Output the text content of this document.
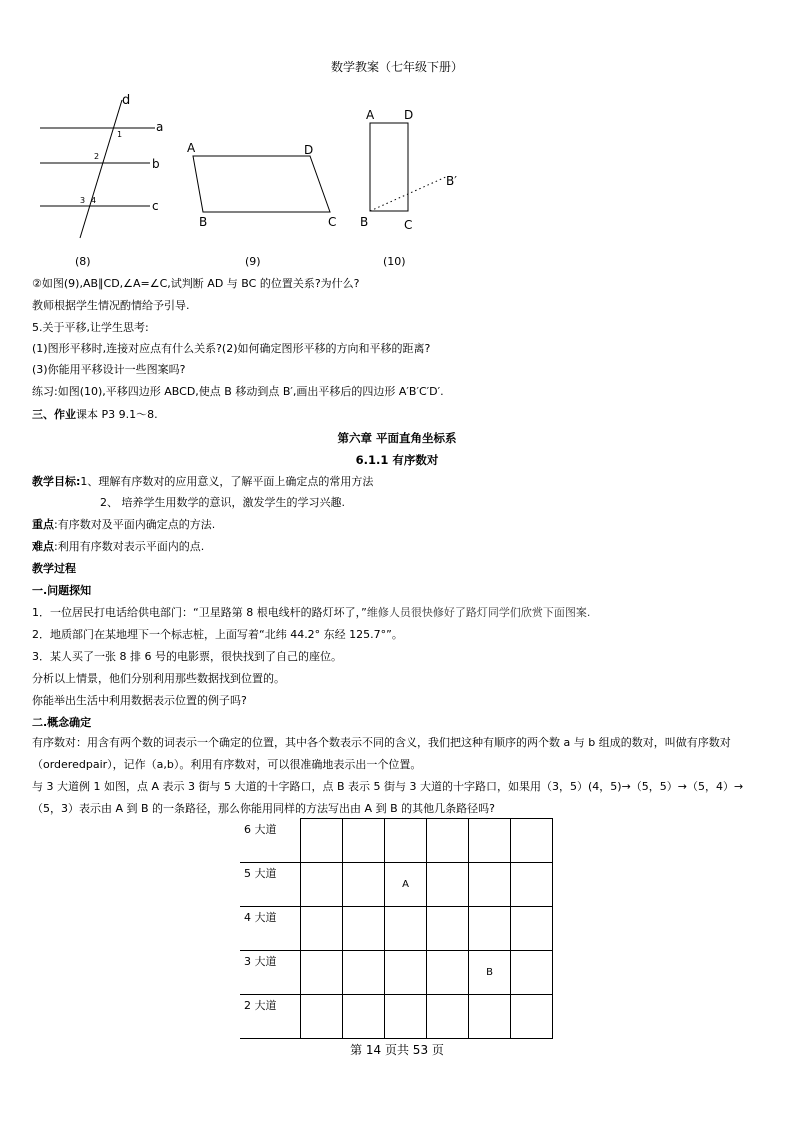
数学教案（七年级下册）
d
a
b
c
1
2
3 4
A	D
B	C
A D
B	C
B′
(8)	(9)	(10)
②如图(9),AB∥CD,∠A=∠C,试判断 AD 与 BC 的位置关系?为什么?
教师根据学生情况酌情给予引导.
5.关于平移,让学生思考:
(1)图形平移时,连接对应点有什么关系?(2)如何确定图形平移的方向和平移的距离?
(3)你能用平移设计一些图案吗?
练习:如图(10),平移四边形 ABCD,使点 B 移动到点 B′,画出平移后的四边形 A′B′C′D′.
三、作业课本 P3 9.1～8.
第六章 平面直角坐标系
6.1.1 有序数对
教学目标:1、理解有序数对的应用意义，了解平面上确定点的常用方法
2、 培养学生用数学的意识，激发学生的学习兴趣.
重点:有序数对及平面内确定点的方法.
难点:利用有序数对表示平面内的点.
教学过程
一.问题探知
1．一位居民打电话给供电部门：“卫星路第 8 根电线杆的路灯坏了，”维修人员很快修好了路灯同学们欣赏下面图案.
2．地质部门在某地埋下一个标志桩，上面写着“北纬 44.2° 东经 125.7°”。
3．某人买了一张 8 排 6 号的电影票，很快找到了自己的座位。
分析以上情景，他们分别利用那些数据找到位置的。
你能举出生活中利用数据表示位置的例子吗?
二.概念确定
有序数对：用含有两个数的词表示一个确定的位置，其中各个数表示不同的含义，我们把这种有顺序的两个数 a 与 b 组成的数对，叫做有序数对（orderedpair），记作（a,b）。利用有序数对，可以很准确地表示出一个位置。
与 3 大道例 1 如图，点 A 表示 3 街与 5 大道的十字路口，点 B 表示 5 街与 3 大道的十字路口，如果用（3，5）(4，5)→（5，5）→（5，4）→（5，3）表示由 A 到 B 的一条路径，那么你能用同样的方法写出由 A 到 B 的其他几条路径吗?
6 大道						
5 大道			A			
4 大道						
3 大道					B	
2 大道						
第 14 页共 53 页
